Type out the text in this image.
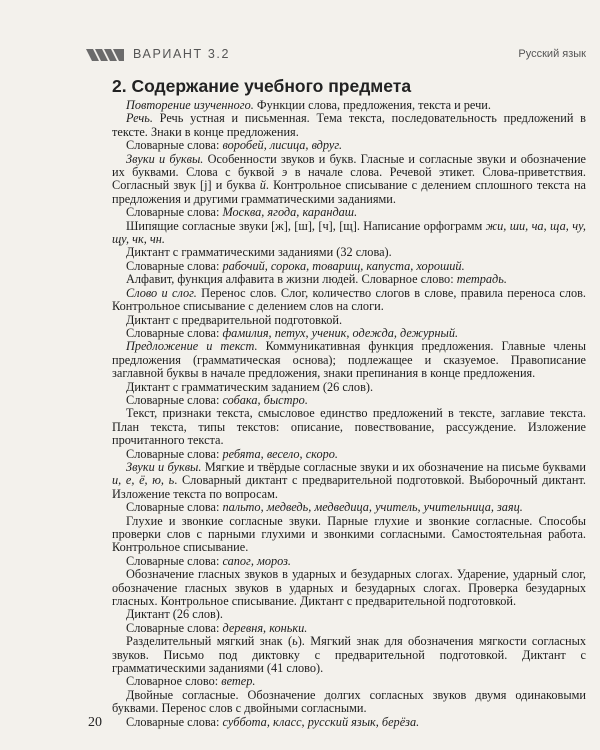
ВАРИАНТ 3.2	Русский язык
2. Содержание учебного предмета

Повторение изученного. Функции слова, предложения, текста и речи.

Речь. Речь устная и письменная. Тема текста, последовательность предложений в тексте. Знаки в конце предложения.

Словарные слова: воробей, лисица, вдруг.

Звуки и буквы. Особенности звуков и букв. Гласные и согласные звуки и обозначение их буквами. Слова с буквой э в начале слова. Речевой этикет. Слова-приветствия. Согласный звук [j] и буква й. Контрольное списывание с делением сплошного текста на предложения и другими грамматическими заданиями.

Словарные слова: Москва, ягода, карандаш.

Шипящие согласные звуки [ж], [ш], [ч], [щ]. Написание орфограмм жи, ши, ча, ща, чу, щу, чк, чн.

Диктант с грамматическими заданиями (32 слова).

Словарные слова: рабочий, сорока, товарищ, капуста, хороший.

Алфавит, функция алфавита в жизни людей. Словарное слово: тетрадь.

Слово и слог. Перенос слов. Слог, количество слогов в слове, правила переноса слов. Контрольное списывание с делением слов на слоги.

Диктант с предварительной подготовкой.

Словарные слова: фамилия, петух, ученик, одежда, дежурный.

Предложение и текст. Коммуникативная функция предложения. Главные члены предложения (грамматическая основа); подлежащее и сказуемое. Правописание заглавной буквы в начале предложения, знаки препинания в конце предложения.

Диктант с грамматическим заданием (26 слов).

Словарные слова: собака, быстро.

Текст, признаки текста, смысловое единство предложений в тексте, заглавие текста. План текста, типы текстов: описание, повествование, рассуждение. Изложение прочитанного текста.

Словарные слова: ребята, весело, скоро.

Звуки и буквы. Мягкие и твёрдые согласные звуки и их обозначение на письме буквами и, е, ё, ю, ь. Словарный диктант с предварительной подготовкой. Выборочный диктант. Изложение текста по вопросам.

Словарные слова: пальто, медведь, медведица, учитель, учительница, заяц.

Глухие и звонкие согласные звуки. Парные глухие и звонкие согласные. Способы проверки слов с парными глухими и звонкими согласными. Самостоятельная работа. Контрольное списывание.

Словарные слова: сапог, мороз.

Обозначение гласных звуков в ударных и безударных слогах. Ударение, ударный слог, обозначение гласных звуков в ударных и безударных слогах. Проверка безударных гласных. Контрольное списывание. Диктант с предварительной подготовкой.

Диктант (26 слов).

Словарные слова: деревня, коньки.

Разделительный мягкий знак (ь). Мягкий знак для обозначения мягкости согласных звуков. Письмо под диктовку с предварительной подготовкой. Диктант с грамматическими заданиями (41 слово).

Словарное слово: ветер.

Двойные согласные. Обозначение долгих согласных звуков двумя одинаковыми буквами. Перенос слов с двойными согласными.

Словарные слова: суббота, класс, русский язык, берёза.

20
